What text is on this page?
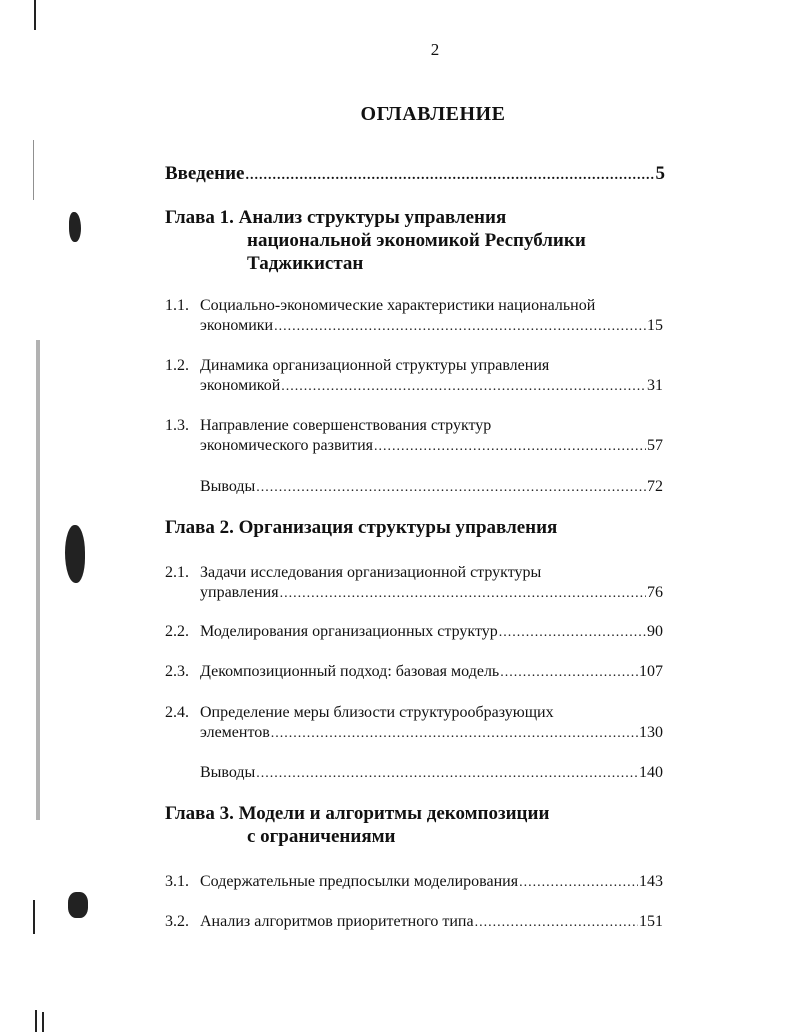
2
ОГЛАВЛЕНИЕ
Введение .....	5
Глава 1. Анализ структуры управления
национальной экономикой Республики
Таджикистан
1.1. Социально-экономические характеристики национальной
экономики .....	15
1.2. Динамика организационной структуры управления
экономикой .....	31
1.3. Направление совершенствования структур
экономического развития .....	57
Выводы .....	72
Глава 2. Организация структуры управления
2.1. Задачи исследования организационной структуры
управления .....	76
2.2. Моделирования организационных структур .....	90
2.3. Декомпозиционный подход: базовая модель .....	107
2.4. Определение меры близости структурообразующих
элементов .....	130
Выводы .....	140
Глава 3. Модели и алгоритмы декомпозиции
с ограничениями
3.1. Содержательные предпосылки моделирования .....	143
3.2. Анализ алгоритмов приоритетного типа .....	151
